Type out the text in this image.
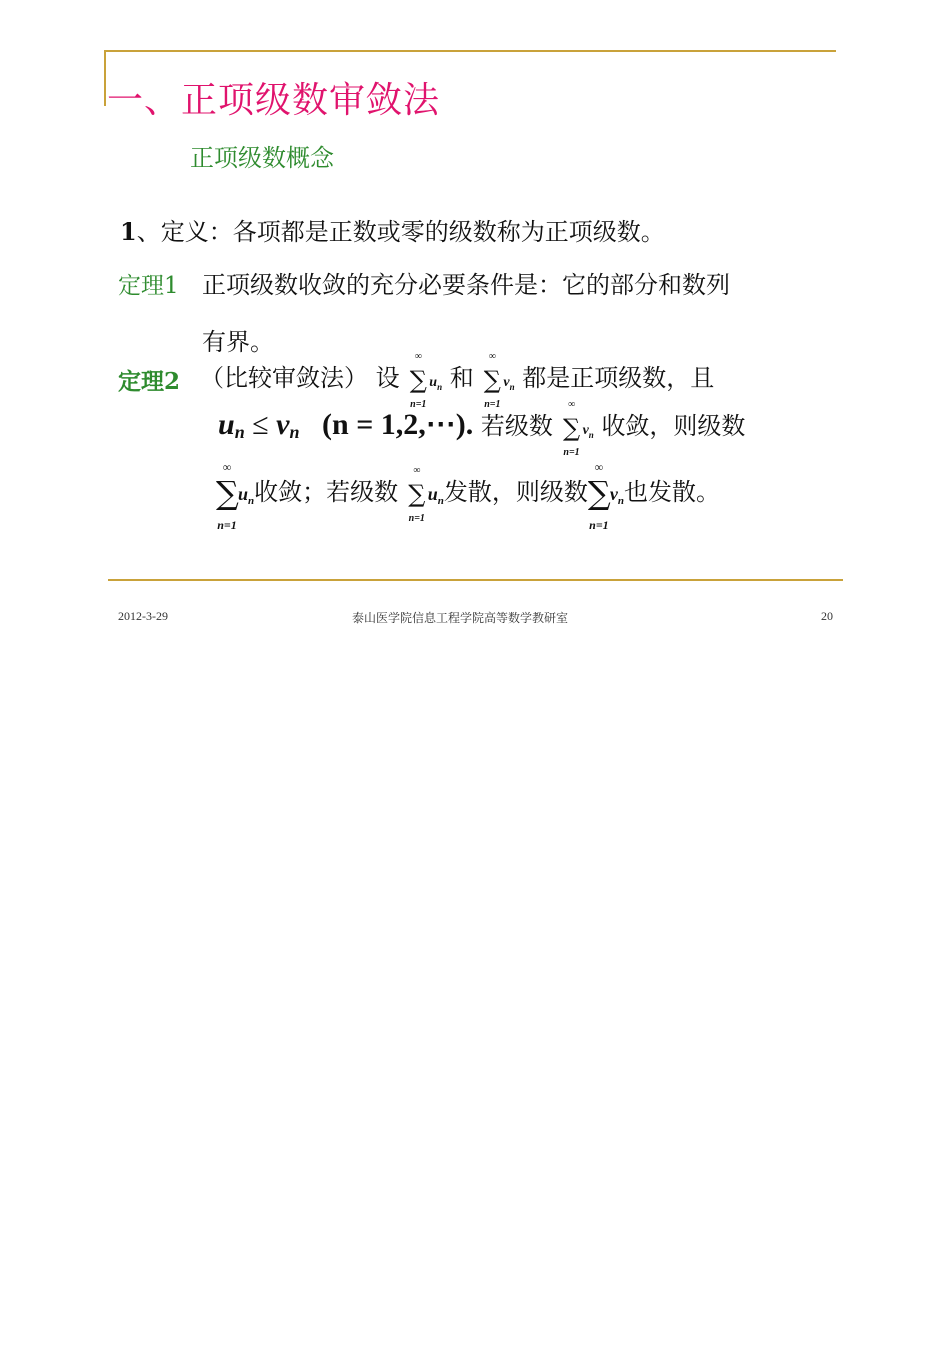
一、正项级数审敛法
正项级数概念
1、定义：各项都是正数或零的级数称为正项级数。
定理1 正项级数收敛的充分必要条件是：它的部分和数列
有界。
定理2 （比较审敛法） 设
∞
∑
n=1
$u_n$ 和
∞
∑
n=1
$v_n$ 都是正项级数，且
un ≤ vn (n = 1,2,⋯). 若级数
∞
∑
n=1
$v_n$ 收敛，则级数
∞
∑
n=1
$u_n$收敛；若级数
∞
∑
n=1
$u_n$发散，则级数
∞
∑
n=1
$v_n$也发散。
2012-3-29	泰山医学院信息工程学院高等数学教研室	20
